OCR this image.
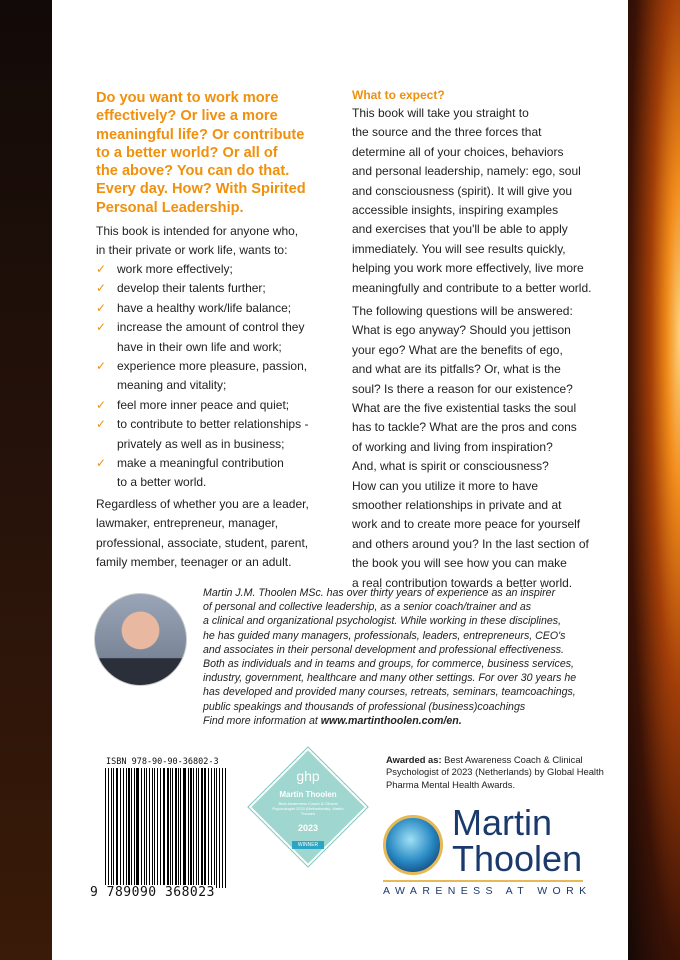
Do you want to work more
effectively? Or live a more
meaningful life? Or contribute
to a better world? Or all of
the above? You can do that.
Every day. How? With Spirited
Personal Leadership.
This book is intended for anyone who,
in their private or work life, wants to:
✓ work more effectively;
✓ develop their talents further;
✓ have a healthy work/life balance;
✓ increase the amount of control they
have in their own life and work;
✓ experience more pleasure, passion,
meaning and vitality;
✓ feel more inner peace and quiet;
✓ to contribute to better relationships -
privately as well as in business;
✓ make a meaningful contribution
to a better world.
Regardless of whether you are a leader,
lawmaker, entrepreneur, manager,
professional, associate, student, parent,
family member, teenager or an adult.
What to expect?
This book will take you straight to
the source and the three forces that
determine all of your choices, behaviors
and personal leadership, namely: ego, soul
and consciousness (spirit). It will give you
accessible insights, inspiring examples
and exercises that you'll be able to apply
immediately. You will see results quickly,
helping you work more effectively, live more
meaningfully and contribute to a better world.
The following questions will be answered:
What is ego anyway? Should you jettison
your ego? What are the benefits of ego,
and what are its pitfalls? Or, what is the
soul? Is there a reason for our existence?
What are the five existential tasks the soul
has to tackle? What are the pros and cons
of working and living from inspiration?
And, what is spirit or consciousness?
How can you utilize it more to have
smoother relationships in private and at
work and to create more peace for yourself
and others around you? In the last section of
the book you will see how you can make
a real contribution towards a better world.
Martin J.M. Thoolen MSc. has over thirty years of experience as an inspirer
of personal and collective leadership, as a senior coach/trainer and as
a clinical and organizational psychologist. While working in these disciplines,
he has guided many managers, professionals, leaders, entrepreneurs, CEO's
and associates in their personal development and professional effectiveness.
Both as individuals and in teams and groups, for commerce, business services,
industry, government, healthcare and many other settings. For over 30 years he
has developed and provided many courses, retreats, seminars, teamcoachings,
public speakings and thousands of professional (business)coachings
Find more information at www.martinthoolen.com/en.
ISBN 978-90-90-36802-3
9 789090 368023
ghp
Martin Thoolen
Best Awareness Coach & Clinical Psychologist 2023 (Netherlands): Martin Thoolen
2023
WINNER
Awarded as: Best Awareness Coach & Clinical Psychologist of 2023 (Netherlands) by Global Health Pharma Mental Health Awards.
Martin
Thoolen
AWARENESS AT WORK
